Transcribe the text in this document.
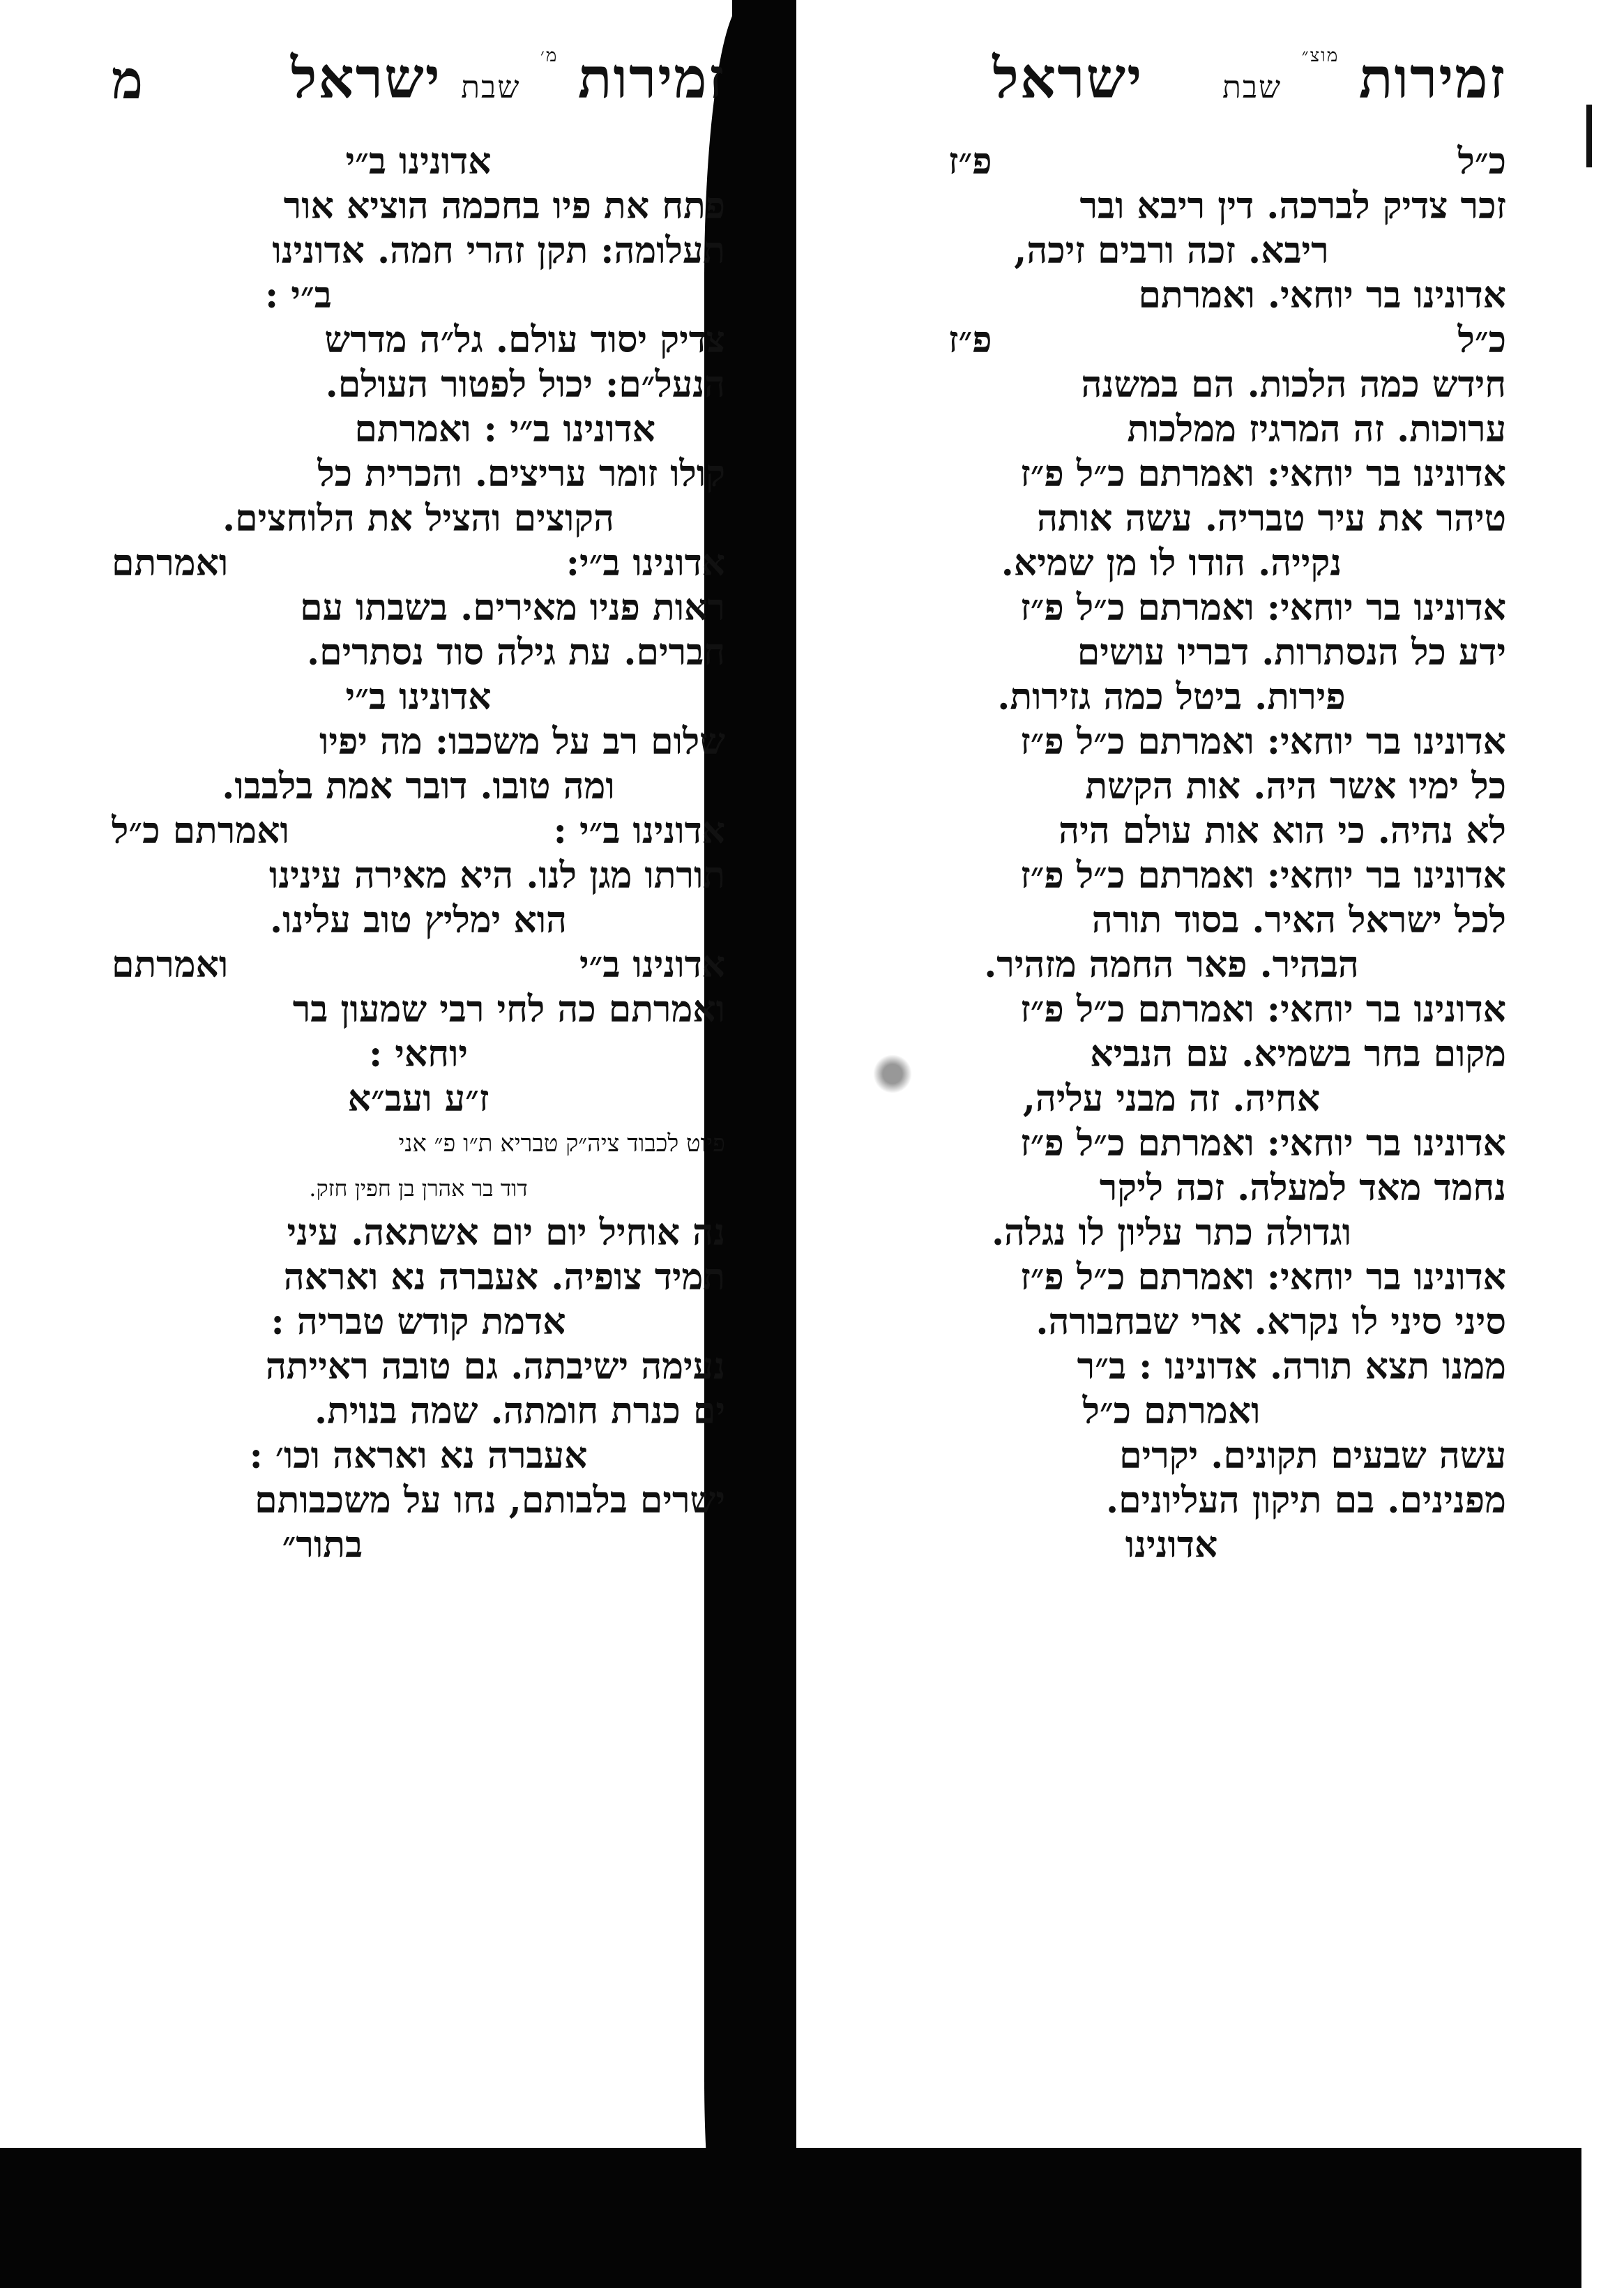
זמירות $^{מ׳}$ שבת ישראל
מ

אדונינו ב״י

פתח את פיו בחכמה הוציא אור

תעלומה: תקן זהרי חמה. אדונינו

ב״י :

צדיק יסוד עולם. גל״ה מדרש

הנעל״ם: יכול לפטור העולם.

אדונינו ב״י : ואמרתם

קולו זומר עריצים. והכרית כל

הקוצים והציל את הלוחצים.

אדונינו ב״י:
ואמרתם

ראות פניו מאירים. בשבתו עם

חברים. עת גילה סוד נסתרים.

אדונינו ב״י

שלום רב על משכבו: מה יפיו

ומה טובו. דובר אמת בלבבו.

אדונינו ב״י :
ואמרתם כ״ל

תורתו מגן לנו. היא מאירה עינינו

הוא ימליץ טוב עלינו.

אדונינו ב״י
ואמרתם

ואמרתם כה לחי רבי שמעון בר

יוחאי :

ז״ע ועב״א

פיוט לכבוד ציה״ק טבריא ת״ו פ״ אני

דוד בר אהרן בן חפין חזק.

נה אוחיל יום יום אשתאה. עיני

תמיד צופיה. אעברה נא ואראה

אדמת קודש טבריה :

נעימה ישיבתה. גם טובה ראייתה

ים כנרת חומתה. שמה בנוית.

אעברה נא ואראה וכו׳ :

ישרים בלבותם, נחו על משכבותם

בתור״

זמירות $^{מוצ״}$ שבת    ישראל
כ״ל
פ״ז

זכר צדיק לברכה. דין ריבא ובר

ריבא. זכה ורבים זיכה,

אדונינו בר יוחאי. ואמרתם

כ״ל
פ״ז

חידש כמה הלכות. הם במשנה

ערוכות. זה המרגיז ממלכות

אדונינו בר יוחאי: ואמרתם כ״ל פ״ז

טיהר את עיר טבריה. עשה אותה

נקייה. הודו לו מן שמיא.

אדונינו בר יוחאי: ואמרתם כ״ל פ״ז

ידע כל הנסתרות. דבריו עושים

פירות. ביטל כמה גזירות.

אדונינו בר יוחאי: ואמרתם כ״ל פ״ז

כל ימיו אשר היה. אות הקשת

לא נהיה. כי הוא אות עולם היה

אדונינו בר יוחאי: ואמרתם כ״ל פ״ז

לכל ישראל האיר. בסוד תורה

הבהיר. פאר החמה מזהיר.

אדונינו בר יוחאי: ואמרתם כ״ל פ״ז

מקום בחר בשמיא. עם הנביא

אחיה. זה מבני עליה,

אדונינו בר יוחאי: ואמרתם כ״ל פ״ז

נחמד מאד למעלה. זכה ליקר

וגדולה כתר עליון לו נגלה.

אדונינו בר יוחאי: ואמרתם כ״ל פ״ז

סיני סיני לו נקרא. ארי שבחבורה.

ממנו תצא תורה. אדונינו : ב״ר

ואמרתם כ״ל

עשה שבעים תקונים. יקרים

מפנינים. בם תיקון העליונים.

אדונינו
